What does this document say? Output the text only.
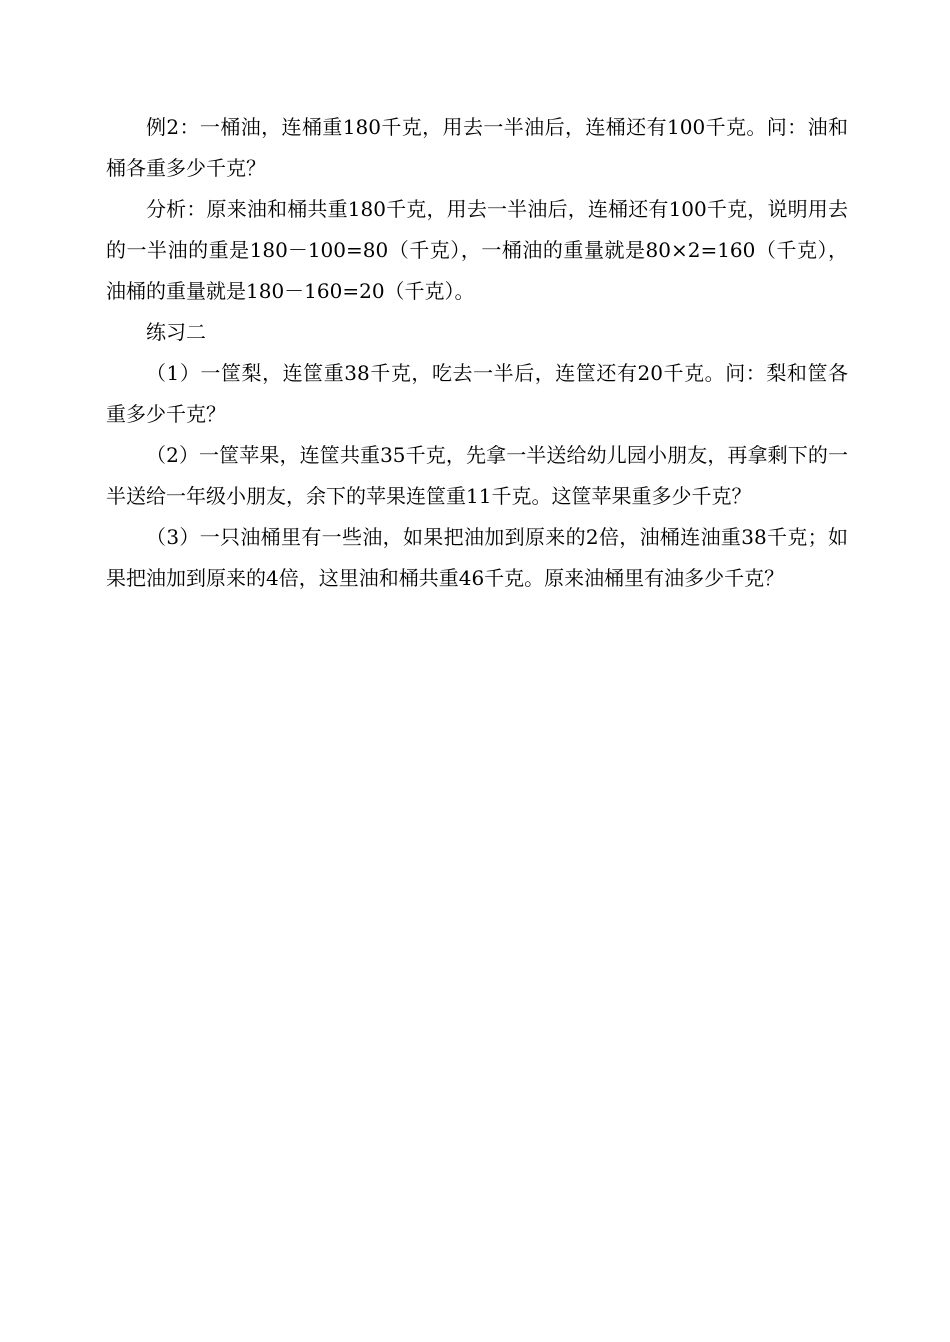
例2：一桶油，连桶重180千克，用去一半油后，连桶还有100千克。问：油和桶各重多少千克？

分析：原来油和桶共重180千克，用去一半油后，连桶还有100千克，说明用去的一半油的重是180－100=80（千克），一桶油的重量就是80×2=160（千克），油桶的重量就是180－160=20（千克）。

练习二

（1）一筐梨，连筐重38千克，吃去一半后，连筐还有20千克。问：梨和筐各重多少千克？

（2）一筐苹果，连筐共重35千克，先拿一半送给幼儿园小朋友，再拿剩下的一半送给一年级小朋友，余下的苹果连筐重11千克。这筐苹果重多少千克？

（3）一只油桶里有一些油，如果把油加到原来的2倍，油桶连油重38千克；如果把油加到原来的4倍，这里油和桶共重46千克。原来油桶里有油多少千克？
